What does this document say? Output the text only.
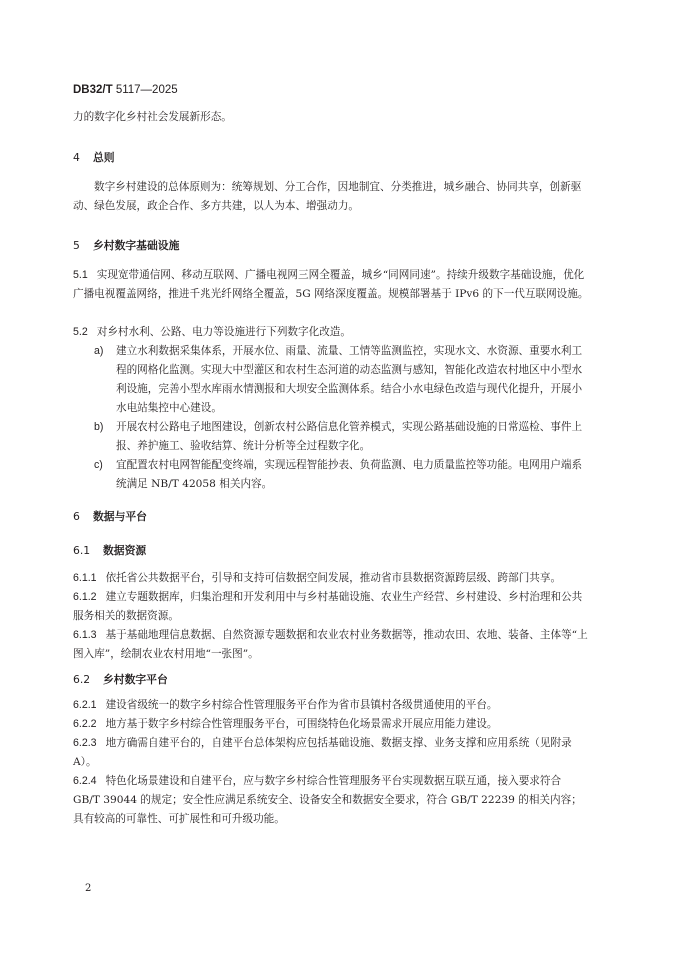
DB32/T 5117—2025
力的数字化乡村社会发展新形态。
4 总则
数字乡村建设的总体原则为：统筹规划、分工合作，因地制宜、分类推进，城乡融合、协同共享，创新驱动、绿色发展，政企合作、多方共建，以人为本、增强动力。
5 乡村数字基础设施
5.1 实现宽带通信网、移动互联网、广播电视网三网全覆盖，城乡“同网同速”。持续升级数字基础设施，优化广播电视覆盖网络，推进千兆光纤网络全覆盖，5G 网络深度覆盖。规模部署基于 IPv6 的下一代互联网设施。
5.2 对乡村水利、公路、电力等设施进行下列数字化改造。
a) 建立水利数据采集体系，开展水位、雨量、流量、工情等监测监控，实现水文、水资源、重要水利工程的网格化监测。实现大中型灌区和农村生态河道的动态监测与感知，智能化改造农村地区中小型水利设施，完善小型水库雨水情测报和大坝安全监测体系。结合小水电绿色改造与现代化提升，开展小水电站集控中心建设。
b) 开展农村公路电子地图建设，创新农村公路信息化管养模式，实现公路基础设施的日常巡检、事件上报、养护施工、验收结算、统计分析等全过程数字化。
c) 宜配置农村电网智能配变终端，实现远程智能抄表、负荷监测、电力质量监控等功能。电网用户端系统满足 NB/T 42058 相关内容。
6 数据与平台
6.1 数据资源
6.1.1 依托省公共数据平台，引导和支持可信数据空间发展，推动省市县数据资源跨层级、跨部门共享。
6.1.2 建立专题数据库，归集治理和开发利用中与乡村基础设施、农业生产经营、乡村建设、乡村治理和公共服务相关的数据资源。
6.1.3 基于基础地理信息数据、自然资源专题数据和农业农村业务数据等，推动农田、农地、装备、主体等“上图入库”，绘制农业农村用地“一张图”。
6.2 乡村数字平台
6.2.1 建设省级统一的数字乡村综合性管理服务平台作为省市县镇村各级贯通使用的平台。
6.2.2 地方基于数字乡村综合性管理服务平台，可围绕特色化场景需求开展应用能力建设。
6.2.3 地方确需自建平台的，自建平台总体架构应包括基础设施、数据支撑、业务支撑和应用系统（见附录 A）。
6.2.4 特色化场景建设和自建平台，应与数字乡村综合性管理服务平台实现数据互联互通，接入要求符合 GB/T 39044 的规定；安全性应满足系统安全、设备安全和数据安全要求，符合 GB/T 22239 的相关内容；具有较高的可靠性、可扩展性和可升级功能。
2
